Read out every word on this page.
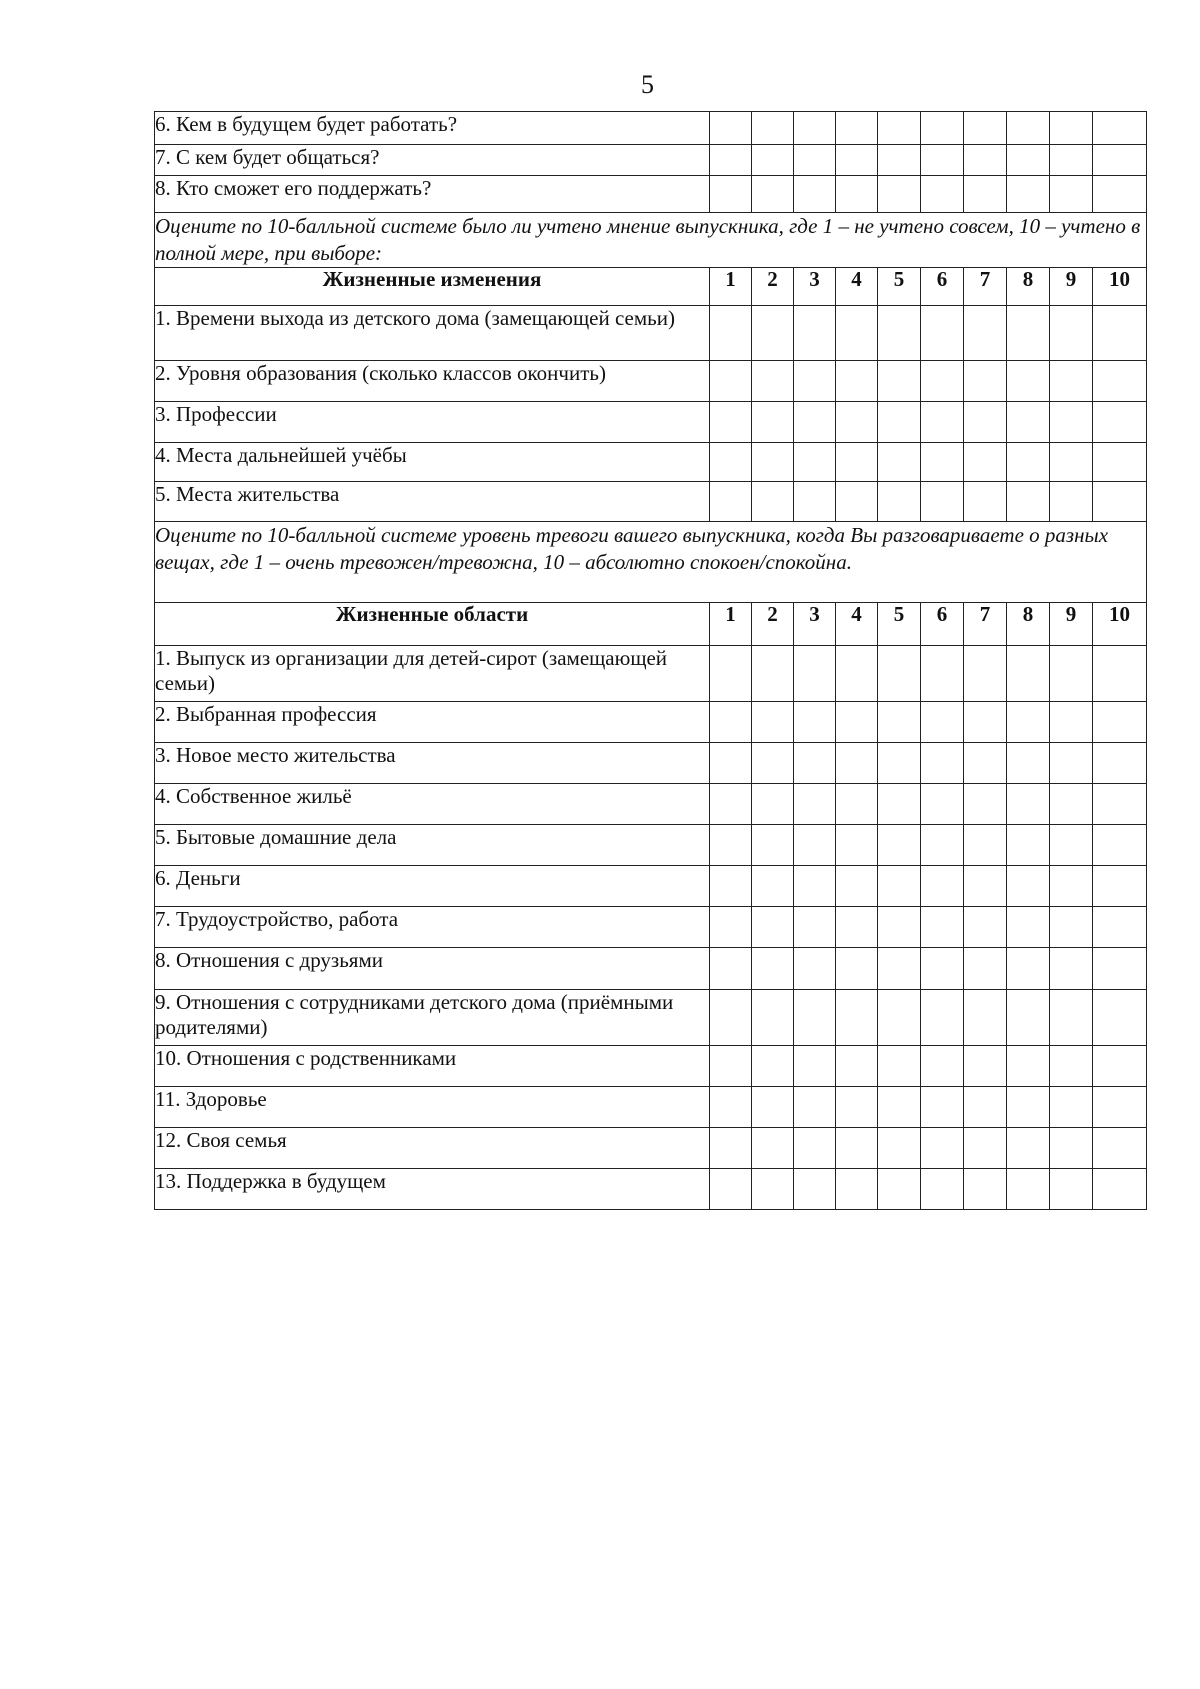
5
6. Кем в будущем будет работать?										
7. С кем будет общаться?										
8. Кто сможет его поддержать?										
Оцените по 10-балльной системе было ли учтено мнение выпускника, где 1 – не учтено совсем, 10 – учтено в полной мере, при выборе:										
Жизненные изменения	1	2	3	4	5	6	7	8	9	10
1. Времени выхода из детского дома (замещающей семьи)										
2. Уровня образования (сколько классов окончить)										
3. Профессии										
4. Места дальнейшей учёбы										
5. Места жительства										
Оцените по 10-балльной системе уровень тревоги вашего выпускника, когда Вы разговариваете о разных вещах, где 1 – очень тревожен/тревожна, 10 – абсолютно спокоен/спокойна.										
Жизненные области	1	2	3	4	5	6	7	8	9	10
1. Выпуск из организации для детей-сирот (замещающей семьи)										
2. Выбранная профессия										
3. Новое место жительства										
4. Собственное жильё										
5. Бытовые домашние дела										
6. Деньги										
7. Трудоустройство, работа										
8. Отношения с друзьями										
9. Отношения с сотрудниками детского дома (приёмными родителями)										
10. Отношения с родственниками										
11. Здоровье										
12. Своя семья										
13. Поддержка в будущем										
